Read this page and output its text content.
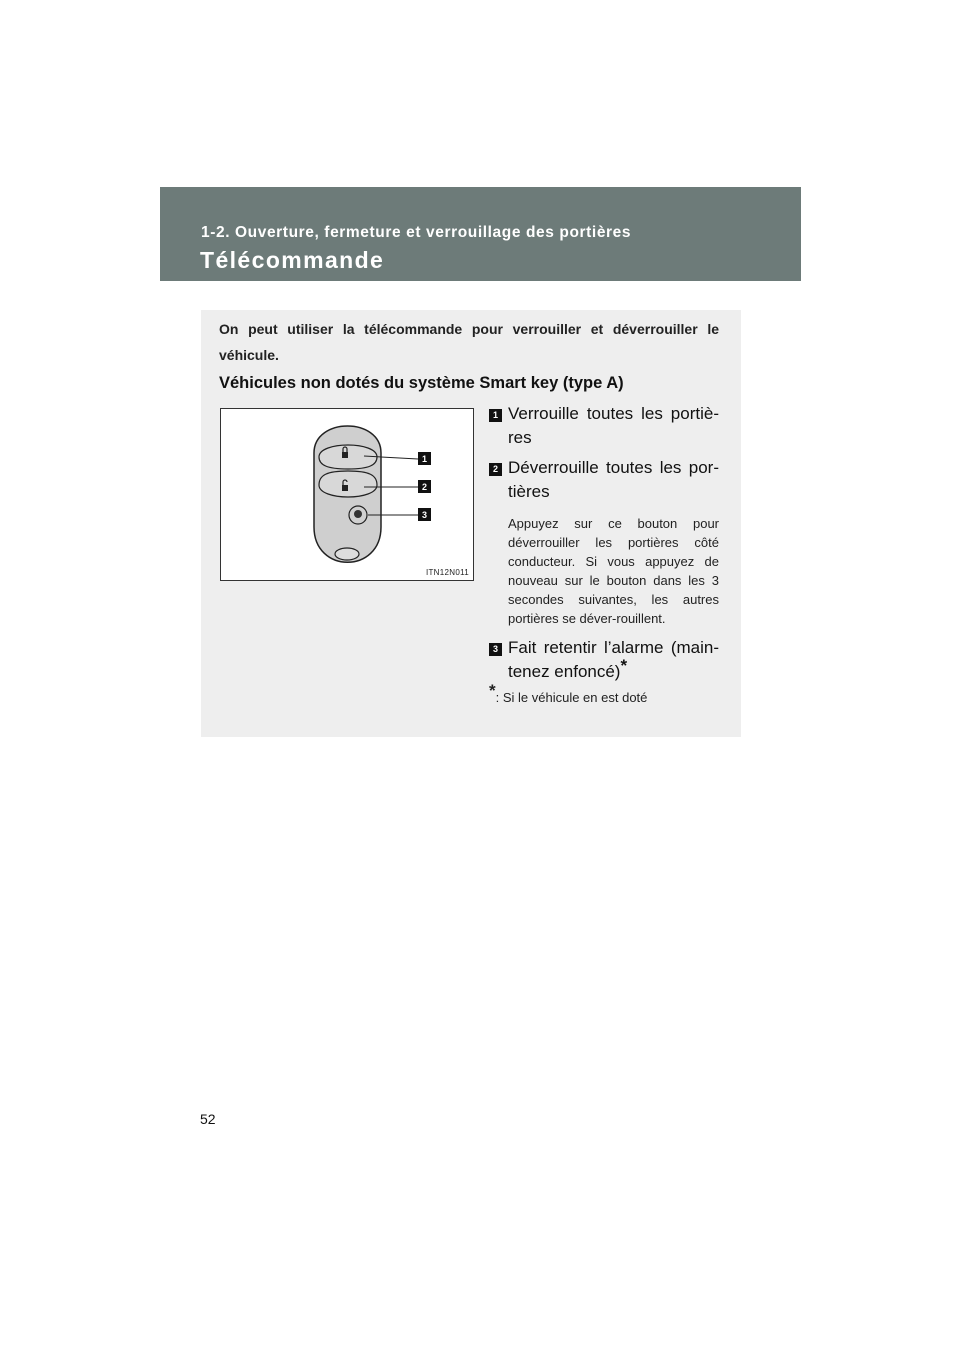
1-2. Ouverture, fermeture et verrouillage des portières
Télécommande
On peut utiliser la télécommande pour verrouiller et déverrouiller le véhicule.
Véhicules non dotés du système Smart key (type A)
1
2
3
ITN12N011
1 Verrouille toutes les portiè-res
2 Déverrouille toutes les por-tières
Appuyez sur ce bouton pour déverrouiller les portières côté conducteur. Si vous appuyez de nouveau sur le bouton dans les 3 secondes suivantes, les autres portières se déver-rouillent.
3 Fait retentir l’alarme (main-tenez enfoncé)*
*: Si le véhicule en est doté
52
